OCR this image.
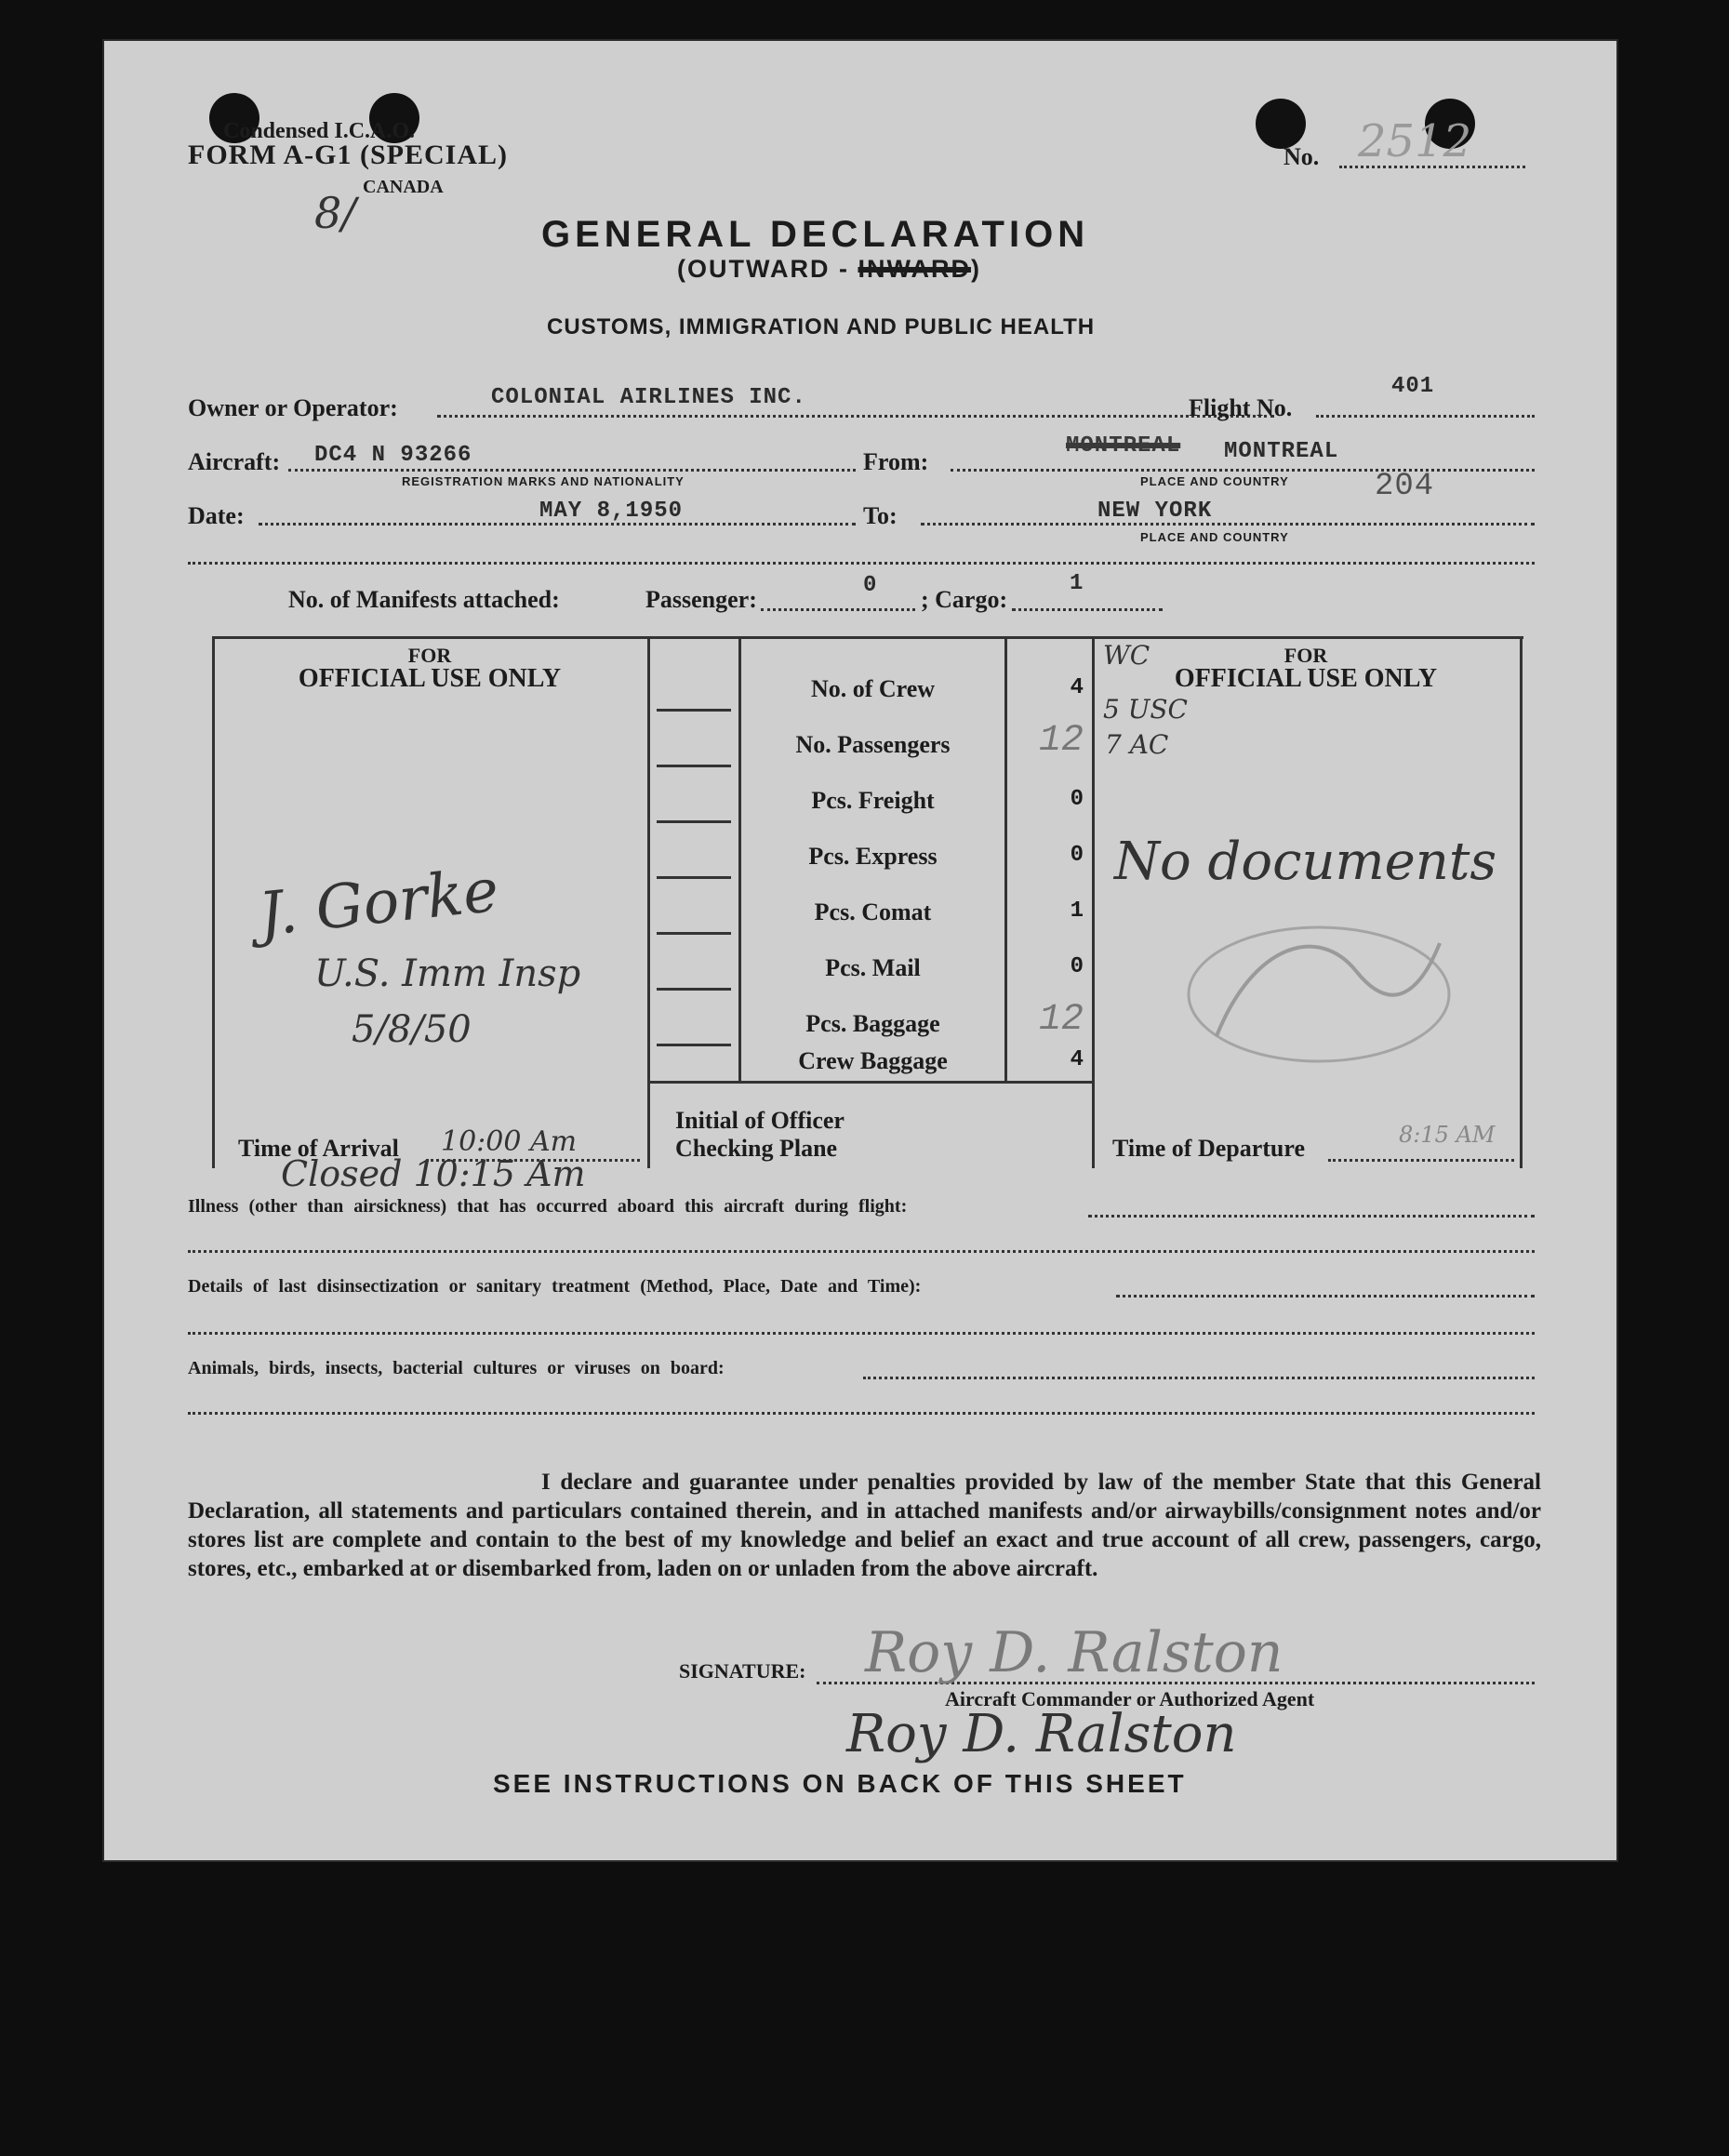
Condensed I.C.A.O.
FORM A-G1 (SPECIAL)
CANADA
8/
No. 2512
GENERAL DECLARATION
(OUTWARD - INWARD)
CUSTOMS, IMMIGRATION AND PUBLIC HEALTH
Owner or Operator:	COLONIAL AIRLINES INC.	Flight No.
401
Aircraft: DC4 N 93266
REGISTRATION MARKS AND NATIONALITY
From:
MONTREAL MONTREAL
PLACE AND COUNTRY	204
Date:	MAY 8,1950	To:	NEW YORK
PLACE AND COUNTRY
No. of Manifests attached:	Passenger:
0
; Cargo:
1
FOR
OFFICIAL USE ONLY
FOR
OFFICIAL USE ONLY
No. of Crew	4
No. Passengers	12
Pcs. Freight	0
Pcs. Express	0
Pcs. Comat	1
Pcs. Mail	0
Pcs. Baggage	12
Crew Baggage	4
Initial of Officer
Checking Plane
Time of Arrival 10:00 Am	Time of Departure	8:15 AM
J. Gorke
U.S. Imm Insp
5/8/50
WC
5 USC
7 AC
No documents
Closed 10:15 Am
Illness (other than airsickness) that has occurred aboard this aircraft during flight:
Details of last disinsectization or sanitary treatment (Method, Place, Date and Time):
Animals, birds, insects, bacterial cultures or viruses on board:
I declare and guarantee under penalties provided by law of the member State that this General Declaration, all statements and particulars contained therein, and in attached manifests and/or airwaybills/consignment notes and/or stores list are complete and contain to the best of my knowledge and belief an exact and true account of all crew, passengers, cargo, stores, etc., embarked at or disembarked from, laden on or unladen from the above aircraft.
SIGNATURE: Roy D. Ralston
Aircraft Commander or Authorized Agent
Roy D. Ralston
SEE INSTRUCTIONS ON BACK OF THIS SHEET
